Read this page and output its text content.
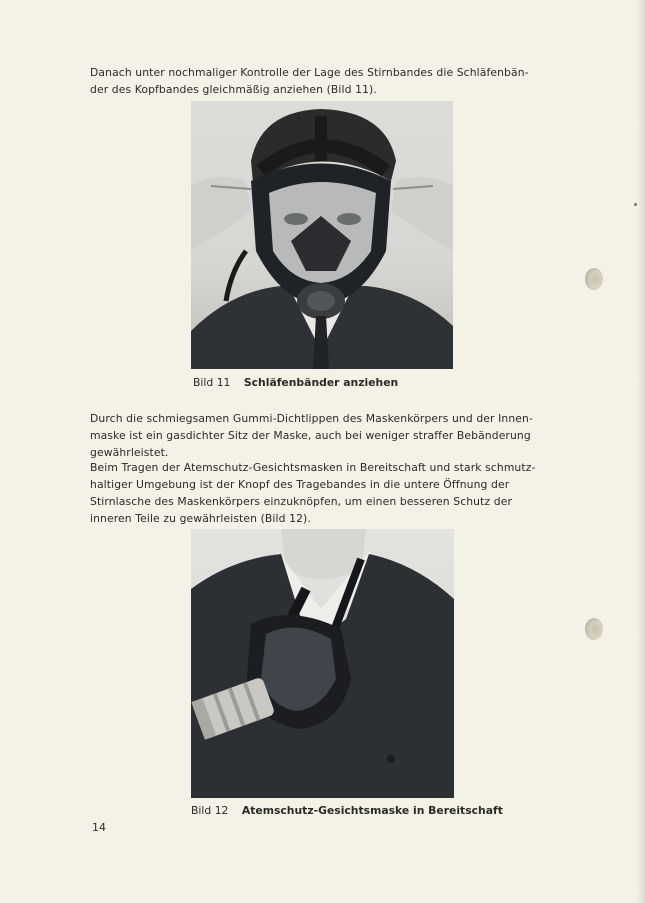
Danach unter nochmaliger Kontrolle der Lage des Stirnbandes die Schläfenbän-
der des Kopfbandes gleichmäßig anziehen (Bild 11).

Bild 11 Schläfenbänder anziehen

Durch die schmiegsamen Gummi-Dichtlippen des Maskenkörpers und der Innen-
maske ist ein gasdichter Sitz der Maske, auch bei weniger straffer Bebänderung
gewährleistet.

Beim Tragen der Atemschutz-Gesichtsmasken in Bereitschaft und stark schmutz-
haltiger Umgebung ist der Knopf des Tragebandes in die untere Öffnung der
Stirnlasche des Maskenkörpers einzuknöpfen, um einen besseren Schutz der
inneren Teile zu gewährleisten (Bild 12).

Bild 12 Atemschutz-Gesichtsmaske in Bereitschaft
14
